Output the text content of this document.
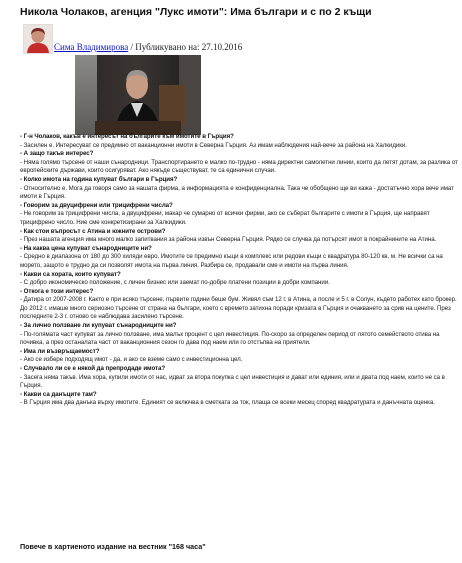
Никола Чолаков, агенция "Лукс имоти": Има българи и с по 2 къщи
Сима Владимирова / Публикувано на: 27.10.2016

- Г-н Чолаков, какъв е интересът на българите към имотите в Гърция?

- Засилен е. Интересуват се предимно от ваканционни имоти в Северна Гърция. Аз имам наблюдения най-вече за района на Халкидики.

- А защо такъв интерес?

- Няма голямо търсене от наши сънародници. Транспортирането е малко по-трудно - няма директни самолетни линии, които да летят дотам, за разлика от европейските държави, които осигуряват. Ако някъде съществуват, те са единични случаи.

- Колко имота на година купуват българи в Гърция?

- Относително е. Мога да говоря само за нашата фирма, а информацията е конфиденциална. Така че обобщено ще ви кажа - достатъчно хора вече имат имоти в Гърция.

- Говорим за двуцифрени или трицифрени числа?

- Не говорим за трицифрени числа, а двуцифрени, макар че сумарно от всички фирми, ако се съберат българите с имоти в Гърция, ще направят трицифрено число. Ние сме конкретизирани за Халкидики.

- Как стои въпросът с Атина и южните острови?

- През нашата агенция има много малко запитвания за района извън Северна Гърция. Рядко се случва да потърсят имот в покрайнините на Атина.

- На каква цена купуват сънародниците ни?

- Средно в диапазона от 180 до 300 хиляди евро. Имотите се предимно къщи в комплекс или редови къщи с квадратура 80-120 кв. м. Не всички са на морето, защото е трудно да си позволят имота на първа линия. Разбира се, продавали сме и имоти на първа линия.

- Какви са хората, които купуват?

- С добро икономическо положение, с личен бизнес или заемат по-добре платени позиции в добри компании.

- Откога е този интерес?

- Датира от 2007-2008 г. Както е при всяко търсене, първите години беше бум. Живял съм 12 г. в Атина, а после и 5 г. в Солун, където работех като брокер. До 2012 г. имаше много сериозно търсене от страна на българи, което с времето затихна поради кризата в Гърция и очакването за срив на цените. През последните 2-3 г. отново се наблюдава засилено търсене.

- За лично ползване ли купуват сънародниците ни?

- По-голямата част купуват за лично ползване, има малък процент с цел инвестиция. По-скоро за определен период от лятото семейството отива на почивка, а през останалата част от ваканционния сезон го дава под наем или го отстъпва на приятели.

- Има ли възвръщаемост?

- Ако се избере подходящ имот - да, и ако се вземе само с инвестиционна цел.

- Случвало ли се е някой да препродаде имота?

- Засега няма такъв. Има хора, купили имоти от нас, идват за втора покупка с цел инвестиция и дават или единия, или и двата под наем, които не са в Гърция.

- Какви са данъците там?

- В Гърция има два данъка върху имотите. Единият се включва в сметката за ток, плаща се всеки месец според квадратурата и данъчната оценка.

Повече в хартиеното издание на вестник "168 часа"
